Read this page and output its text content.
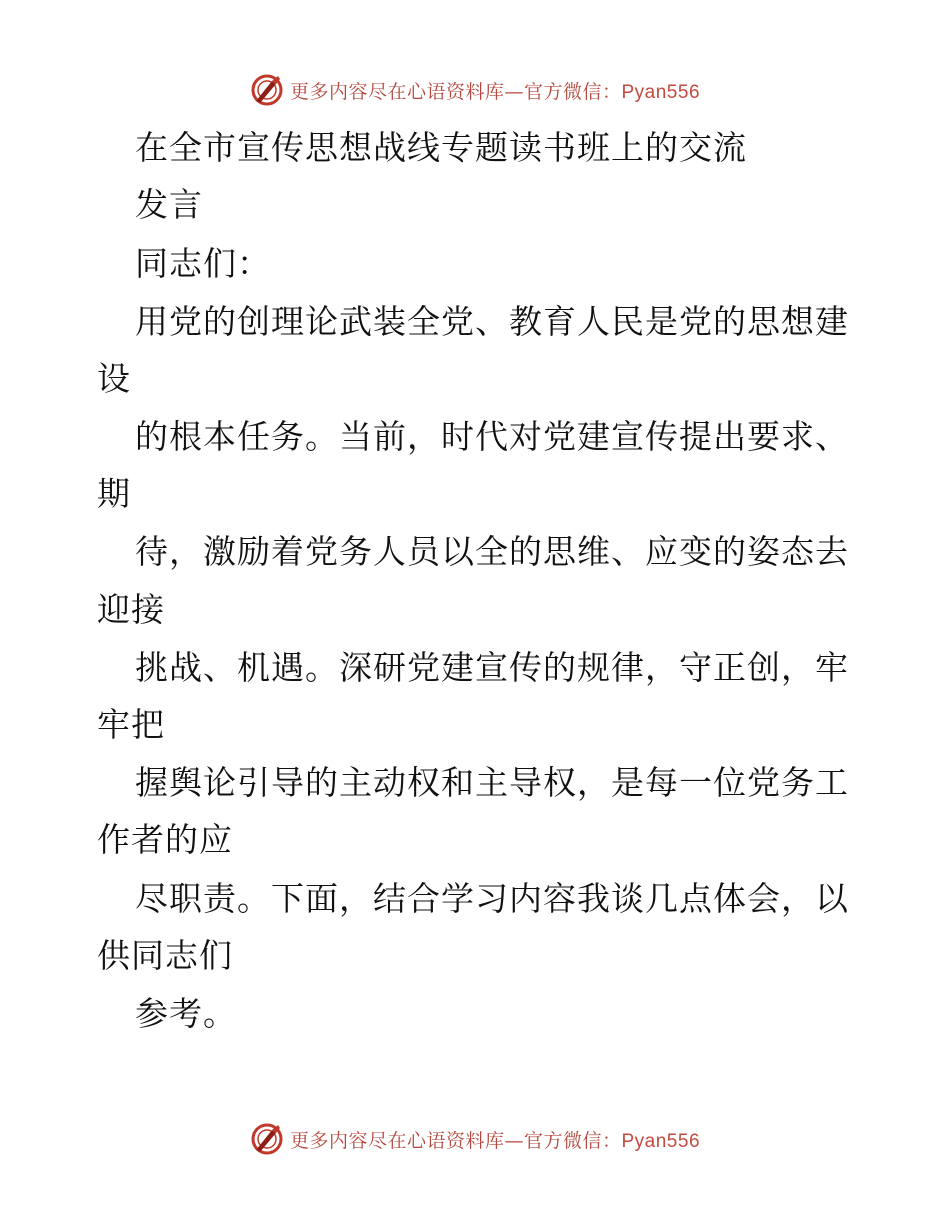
更多内容尽在心语资料库—官方微信：Pyan556
在全市宣传思想战线专题读书班上的交流
发言
同志们：
用党的创理论武装全党、教育人民是党的思想建
设
的根本任务。当前，时代对党建宣传提出要求、
期
待，激励着党务人员以全的思维、应变的姿态去
迎接
挑战、机遇。深研党建宣传的规律，守正创，牢
牢把
握舆论引导的主动权和主导权，是每一位党务工
作者的应
尽职责。下面，结合学习内容我谈几点体会，以
供同志们
参考。
更多内容尽在心语资料库—官方微信：Pyan556
